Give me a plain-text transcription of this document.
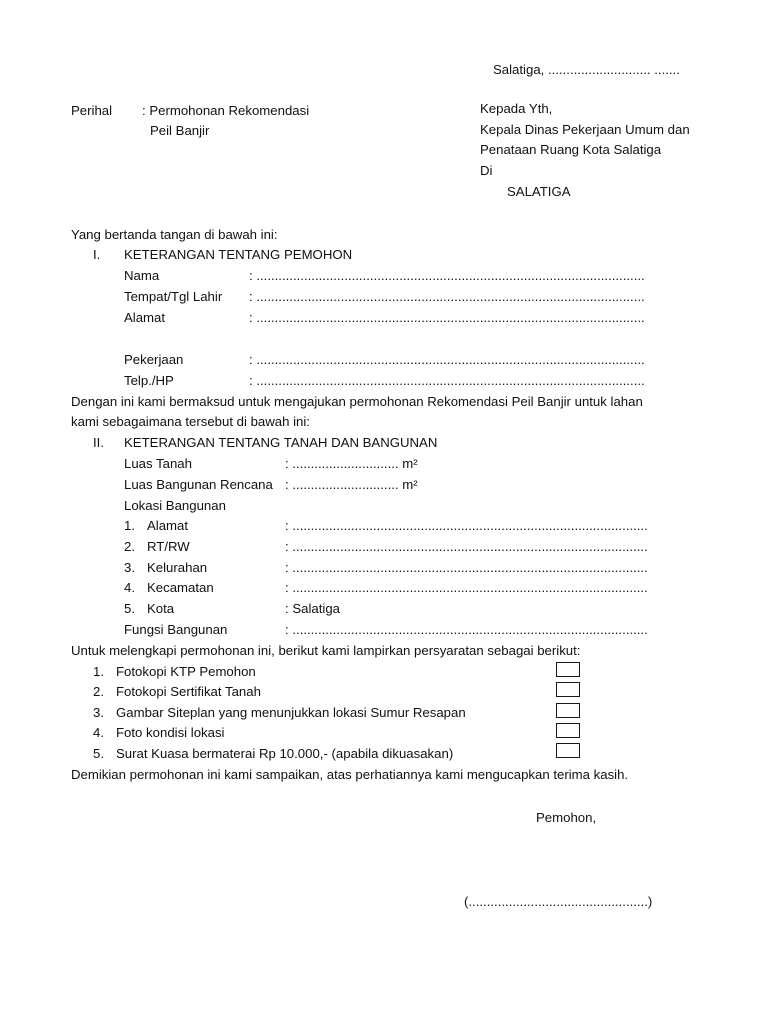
Salatiga, ............................ .......
Perihal : Permohonan Rekomendasi
Peil Banjir
Kepada Yth,
Kepala Dinas Pekerjaan Umum dan
Penataan Ruang Kota Salatiga
Di
SALATIGA
Yang bertanda tangan di bawah ini:
I. KETERANGAN TENTANG PEMOHON
Nama	: ..........................................................................................................
Tempat/Tgl Lahir : ..........................................................................................................
Alamat	: ..........................................................................................................
Pekerjaan	: ..........................................................................................................
Telp./HP	: ..........................................................................................................
Dengan ini kami bermaksud untuk mengajukan permohonan Rekomendasi Peil Banjir untuk lahan
kami sebagaimana tersebut di bawah ini:
II. KETERANGAN TENTANG TANAH DAN BANGUNAN
Luas Tanah	: ............................. m²
Luas Bangunan Rencana : ............................. m²
Lokasi Bangunan
1. Alamat	: .................................................................................................
2. RT/RW	: .................................................................................................
3. Kelurahan	: .................................................................................................
4. Kecamatan	: .................................................................................................
5. Kota	: Salatiga
Fungsi Bangunan	: .................................................................................................
Untuk melengkapi permohonan ini, berikut kami lampirkan persyaratan sebagai berikut:
1. Fotokopi KTP Pemohon
2. Fotokopi Sertifikat Tanah
3. Gambar Siteplan yang menunjukkan lokasi Sumur Resapan
4. Foto kondisi lokasi
5. Surat Kuasa bermaterai Rp 10.000,- (apabila dikuasakan)
Demikian permohonan ini kami sampaikan, atas perhatiannya kami mengucapkan terima kasih.
Pemohon,
(.................................................)
